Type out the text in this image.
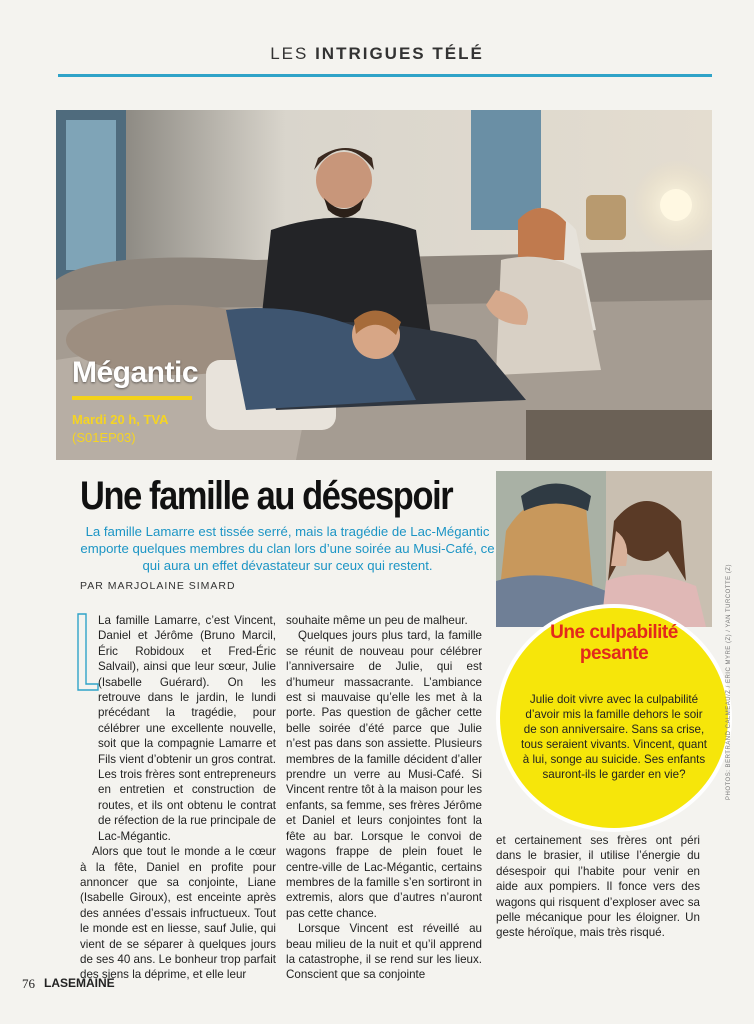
LES INTRIGUES TÉLÉ
Mégantic
Mardi 20 h, TVA
(S01EP03)
Une famille au désespoir
La famille Lamarre est tissée serré, mais la tragédie de Lac-Mégantic emporte quelques membres du clan lors d’une soirée au Musi-Café, ce qui aura un effet dévastateur sur ceux qui restent.
PAR MARJOLAINE SIMARD

La famille Lamarre, c’est Vincent, Daniel et Jérôme (Bruno Marcil, Éric Robidoux et Fred-Éric Salvail), ainsi que leur sœur, Julie (Isabelle Guérard). On les retrouve dans le jardin, le lundi précédant la tragédie, pour célébrer une excellente nouvelle, soit que la compagnie Lamarre et Fils vient d’obtenir un gros contrat. Les trois frères sont entrepreneurs en entretien et construction de routes, et ils ont obtenu le contrat de réfection de la rue principale de Lac-Mégantic.

Alors que tout le monde a le cœur à la fête, Daniel en profite pour annoncer que sa conjointe, Liane (Isabelle Giroux), est enceinte après des années d’essais infructueux. Tout le monde est en liesse, sauf Julie, qui vient de se séparer à quelques jours de ses 40 ans. Le bonheur trop parfait des siens la déprime, et elle leur

souhaite même un peu de malheur.

Quelques jours plus tard, la famille se réunit de nouveau pour célébrer l’anniversaire de Julie, qui est d’humeur massacrante. L’ambiance est si mauvaise qu’elle les met à la porte. Pas question de gâcher cette belle soirée d’été parce que Julie n’est pas dans son assiette. Plusieurs membres de la famille décident d’aller prendre un verre au Musi-Café. Si Vincent rentre tôt à la maison pour les enfants, sa femme, ses frères Jérôme et Daniel et leurs conjointes font la fête au bar. Lorsque le convoi de wagons frappe de plein fouet le centre-ville de Lac-Mégantic, certains membres de la famille s’en sortiront in extremis, alors que d’autres n’auront pas cette chance.

Lorsque Vincent est réveillé au beau milieu de la nuit et qu’il apprend la catastrophe, il se rend sur les lieux. Conscient que sa conjointe

et certainement ses frères ont péri dans le brasier, il utilise l’énergie du désespoir qui l’habite pour venir en aide aux pompiers. Il fonce vers des wagons qui risquent d’exploser avec sa pelle mécanique pour les éloigner. Un geste héroïque, mais très risqué.

Une culpabilité pesante
Julie doit vivre avec la culpabilité d’avoir mis la famille dehors le soir de son anniversaire. Sans sa crise, tous seraient vivants. Vincent, quant à lui, songe au suicide. Ses enfants sauront-ils le garder en vie?	PHOTOS: BERTRAND CALMEAU/Z / ERIC MYRE (Z) / YAN TURCOTTE (Z)
76 LASEMAINE
